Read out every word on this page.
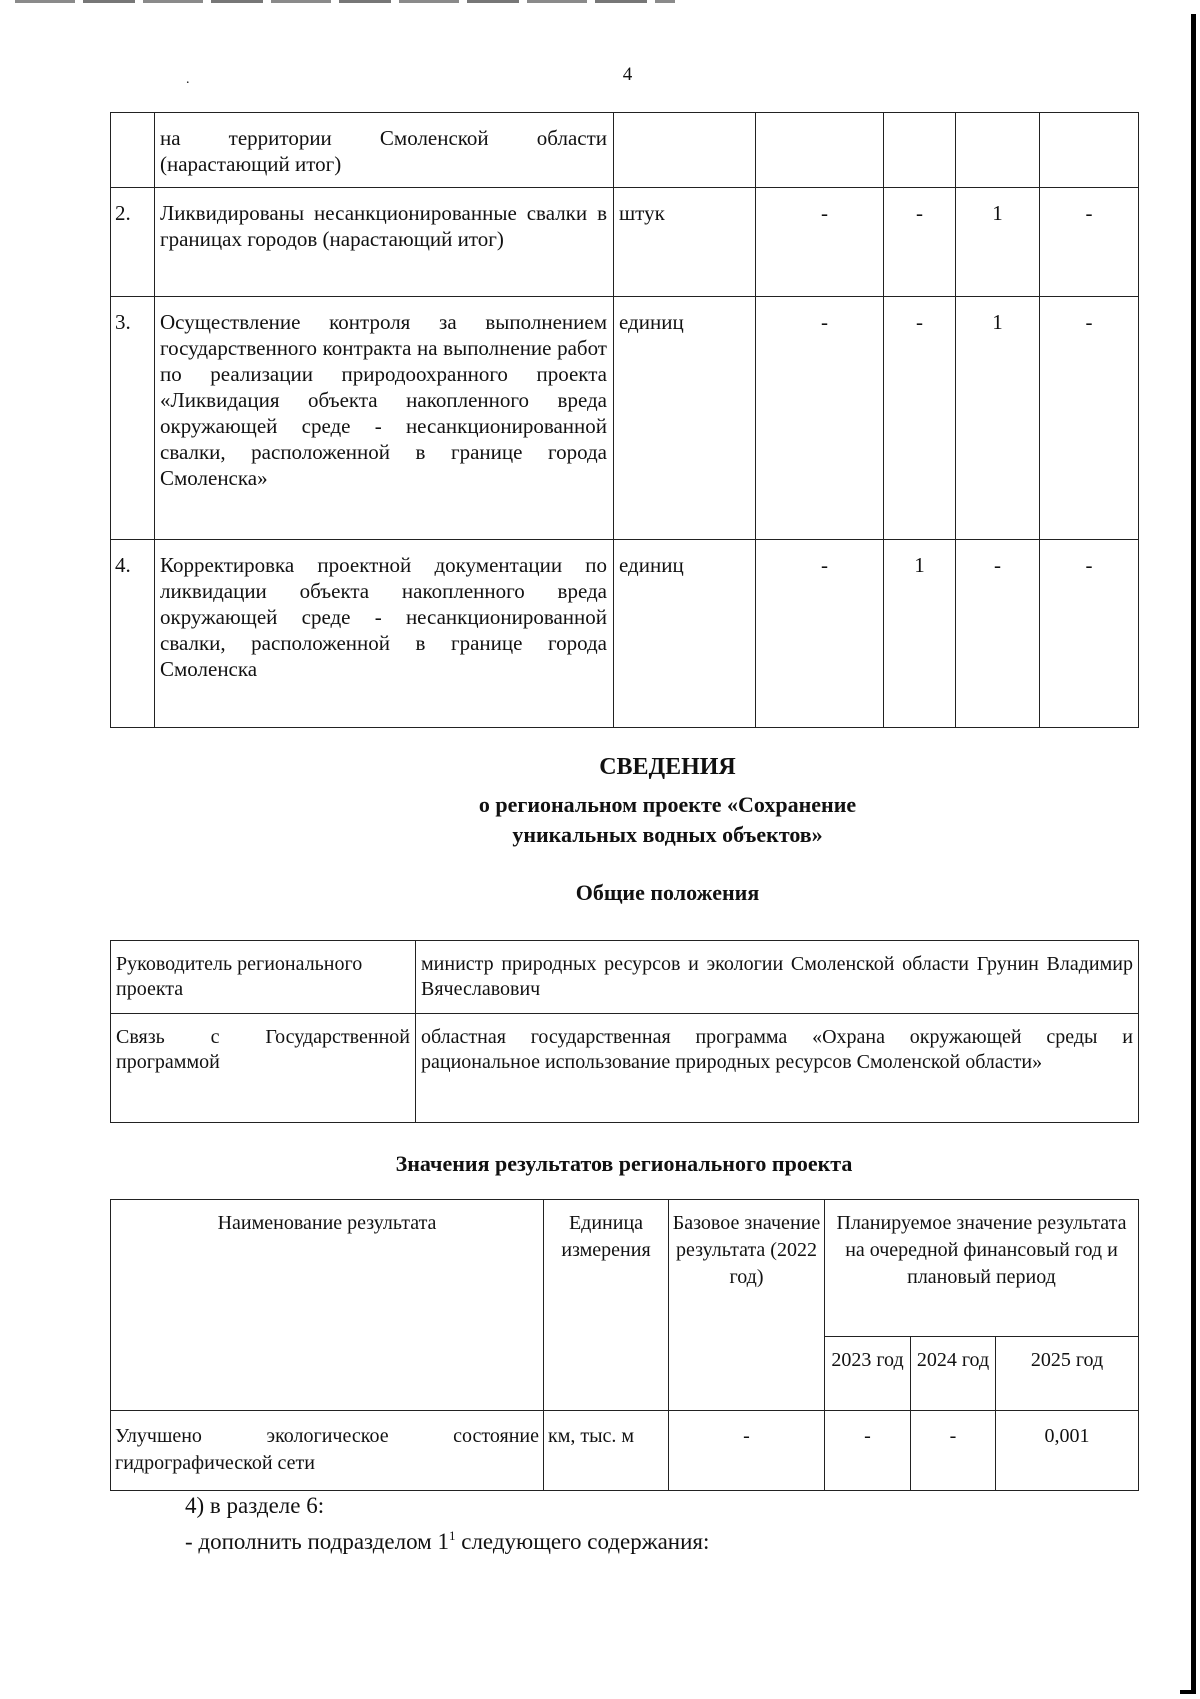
.	4
	на территории Смоленской области (нарастающий итог)					
2.	Ликвидированы несанкционированные свалки в границах городов (нарастающий итог)	штук	-	-	1	-
3.	Осуществление контроля за выполнением государственного контракта на выполнение работ по реализации природоохранного проекта «Ликвидация объекта накопленного вреда окружающей среде - несанкционированной свалки, расположенной в границе города Смоленска»	единиц	-	-	1	-
4.	Корректировка проектной документации по ликвидации объекта накопленного вреда окружающей среде - несанкционированной свалки, расположенной в границе города Смоленска	единиц	-	1	-	-
СВЕДЕНИЯ
о региональном проекте «Сохранение
уникальных водных объектов»
Общие положения
Руководитель регионального проекта	министр природных ресурсов и экологии Смоленской области Грунин Владимир Вячеславович
Связь с Государственной программой	областная государственная программа «Охрана окружающей среды и рациональное использование природных ресурсов Смоленской области»
Значения результатов регионального проекта
Наименование результата	Единица измерения	Базовое значение результата (2022 год)	Планируемое значение результата на очередной финансовый год и плановый период		
			2023 год	2024 год	2025 год
Улучшено экологическое состояние гидрографической сети	км, тыс. м	-	-	-	0,001
4) в разделе 6:
- дополнить подразделом $1^1$ следующего содержания:
